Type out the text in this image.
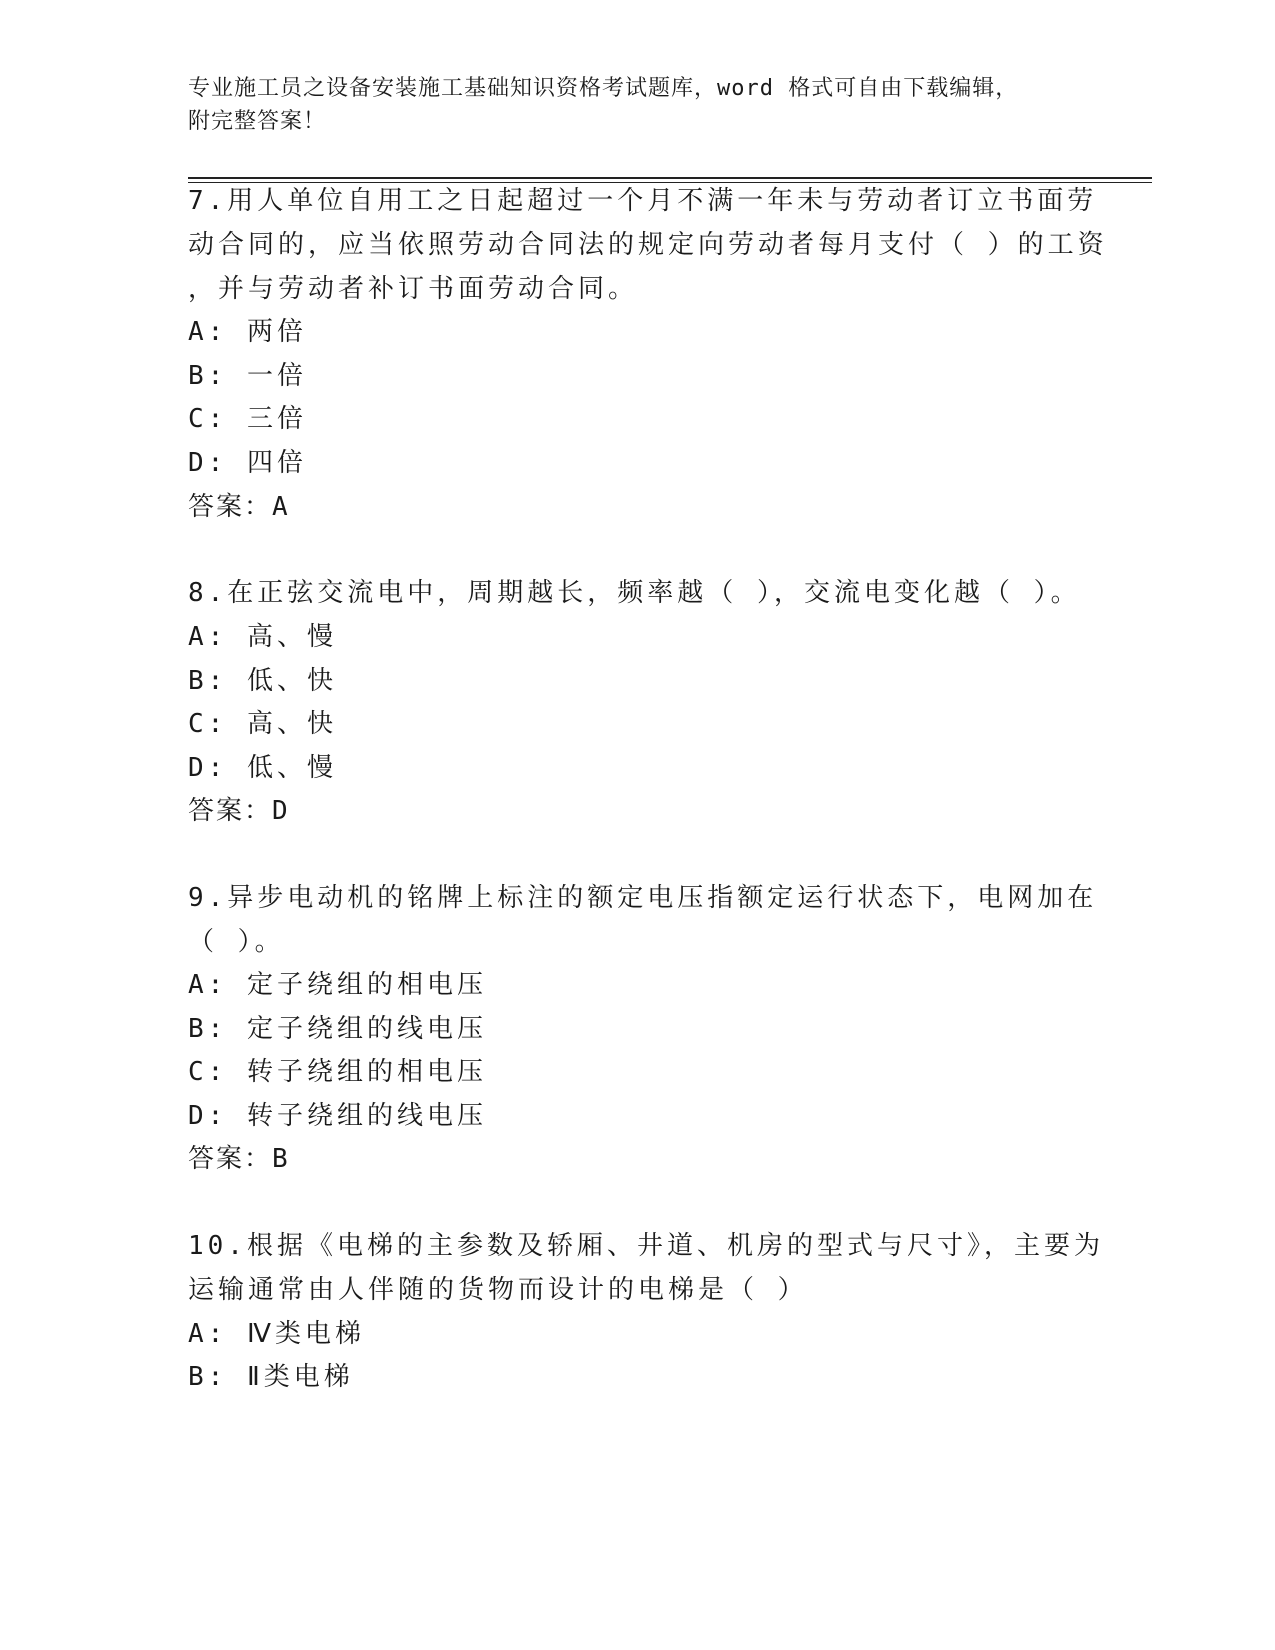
专业施工员之设备安装施工基础知识资格考试题库，word 格式可自由下载编辑，
附完整答案！
7.用人单位自用工之日起超过一个月不满一年未与劳动者订立书面劳
动合同的，应当依照劳动合同法的规定向劳动者每月支付（ ）的工资
，并与劳动者补订书面劳动合同。
A: 两倍
B: 一倍
C: 三倍
D: 四倍
答案：A
8.在正弦交流电中，周期越长，频率越（ ），交流电变化越（ ）。
A: 高、慢
B: 低、快
C: 高、快
D: 低、慢
答案：D
9.异步电动机的铭牌上标注的额定电压指额定运行状态下，电网加在
（ ）。
A: 定子绕组的相电压
B: 定子绕组的线电压
C: 转子绕组的相电压
D: 转子绕组的线电压
答案：B
10.根据《电梯的主参数及轿厢、井道、机房的型式与尺寸》，主要为
运输通常由人伴随的货物而设计的电梯是（ ）
A: Ⅳ类电梯
B: Ⅱ类电梯
